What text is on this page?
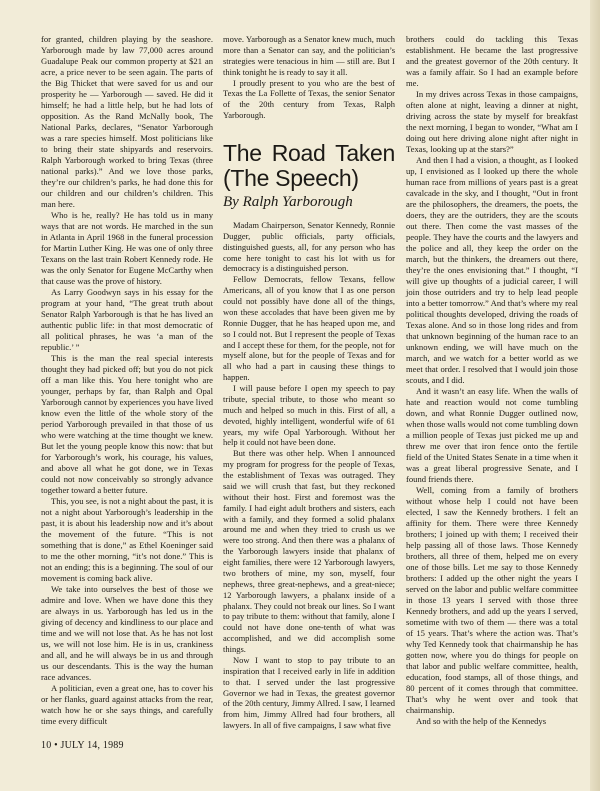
for granted, children playing by the seashore. Yarborough made by law 77,000 acres around Guadalupe Peak our common property at $21 an acre, a price never to be seen again. The parts of the Big Thicket that were saved for us and our prosperity he — Yarborough — saved. He did it himself; he had a little help, but he had lots of opposition. As the Rand McNally book, The National Parks, declares, “Senator Yarborough was a rare species himself. Most politicians like to bring their state shipyards and reservoirs. Ralph Yarborough worked to bring Texas (three national parks).” And we love those parks, they’re our children’s parks, he had done this for our children and our children’s children. This man here.

Who is he, really? He has told us in many ways that are not words. He marched in the sun in Atlanta in April 1968 in the funeral procession for Martin Luther King. He was one of only three Texans on the last train Robert Kennedy rode. He was the only Senator for Eugene McCarthy when that cause was the prove of history.

As Larry Goodwyn says in his essay for the program at your hand, “The great truth about Senator Ralph Yarborough is that he has lived an authentic public life: in that most democratic of all political phrases, he was ‘a man of the republic.’ ”

This is the man the real special interests thought they had picked off; but you do not pick off a man like this. You here tonight who are younger, perhaps by far, than Ralph and Opal Yarborough cannot by experiences you have lived know even the little of the whole story of the period Yarborough prevailed in that those of us who were watching at the time thought we knew. But let the young people know this now: that but for Yarborough’s work, his courage, his values, and above all what he got done, we in Texas could not now conceivably so strongly advance together toward a better future.

This, you see, is not a night about the past, it is not a night about Yarborough’s leadership in the past, it is about his leadership now and it’s about the movement of the future. “This is not something that is done,” as Ethel Koeninger said to me the other morning, “it’s not done.” This is not an ending; this is a beginning. The soul of our movement is coming back alive.

We take into ourselves the best of those we admire and love. When we have done this they are always in us. Yarborough has led us in the giving of decency and kindliness to our place and time and we will not lose that. As he has not lost us, we will not lose him. He is in us, crankiness and all, and he will always be in us and through us our descendants. This is the way the human race advances.

A politician, even a great one, has to cover his or her flanks, guard against attacks from the rear, watch how he or she says things, and carefully time every difficult

move. Yarborough as a Senator knew much, much more than a Senator can say, and the politician’s strategies were tenacious in him — still are. But I think tonight he is ready to say it all.

I proudly present to you who are the best of Texas the La Follette of Texas, the senior Senator of the 20th century from Texas, Ralph Yarborough.

The Road Taken (The Speech)
By Ralph Yarborough

Madam Chairperson, Senator Kennedy, Ronnie Dugger, public officials, party officials, distinguished guests, all, for any person who has come here tonight to cast his lot with us for democracy is a distinguished person.

Fellow Democrats, fellow Texans, fellow Americans, all of you know that I as one person could not possibly have done all of the things, won these accolades that have been given me by Ronnie Dugger, that he has heaped upon me, and so I could not. But I represent the people of Texas and I accept these for them, for the people, not for myself alone, but for the people of Texas and for all who had a part in causing these things to happen.

I will pause before I open my speech to pay tribute, special tribute, to those who meant so much and helped so much in this. First of all, a devoted, highly intelligent, wonderful wife of 61 years, my wife Opal Yarborough. Without her help it could not have been done.

But there was other help. When I announced my program for progress for the people of Texas, the establishment of Texas was outraged. They said we will crush that fast, but they reckoned without their host. First and foremost was the family. I had eight adult brothers and sisters, each with a family, and they formed a solid phalanx around me and when they tried to crush us we were too strong. And then there was a phalanx of the Yarborough lawyers inside that phalanx of eight families, there were 12 Yarborough lawyers, two brothers of mine, my son, myself, four nephews, three great-nephews, and a great-niece; 12 Yarborough lawyers, a phalanx inside of a phalanx. They could not break our lines. So I want to pay tribute to them: without that family, alone I could not have done one-tenth of what was accomplished, and we did accomplish some things.

Now I want to stop to pay tribute to an inspiration that I received early in life in addition to that. I served under the last progressive Governor we had in Texas, the greatest governor of the 20th century, Jimmy Allred. I saw, I learned from him, Jimmy Allred had four brothers, all lawyers. In all of five campaigns, I saw what five

brothers could do tackling this Texas establishment. He became the last progressive and the greatest governor of the 20th century. It was a family affair. So I had an example before me.

In my drives across Texas in those campaigns, often alone at night, leaving a dinner at night, driving across the state by myself for breakfast the next morning, I began to wonder, “What am I doing out here driving alone night after night in Texas, looking up at the stars?”

And then I had a vision, a thought, as I looked up, I envisioned as I looked up there the whole human race from millions of years past is a great cavalcade in the sky, and I thought, “Out in front are the philosophers, the dreamers, the poets, the doers, they are the outriders, they are the scouts out there. Then come the vast masses of the people. They have the courts and the lawyers and the police and all, they keep the order on the march, but the thinkers, the dreamers out there, they’re the ones envisioning that.” I thought, “I will give up thoughts of a judicial career, I will join those outriders and try to help lead people into a better tomorrow.” And that’s where my real political thoughts developed, driving the roads of Texas alone. And so in those long rides and from that unknown beginning of the human race to an unknown ending, we will have much on the march, and we watch for a better world as we meet that order. I resolved that I would join those scouts, and I did.

And it wasn’t an easy life. When the walls of hate and reaction would not come tumbling down, and what Ronnie Dugger outlined now, when those walls would not come tumbling down a million people of Texas just picked me up and threw me over that iron fence onto the fertile field of the United States Senate in a time when it was a great liberal progressive Senate, and I found friends there.

Well, coming from a family of brothers without whose help I could not have been elected, I saw the Kennedy brothers. I felt an affinity for them. There were three Kennedy brothers; I joined up with them; I received their help passing all of those laws. Those Kennedy brothers, all three of them, helped me on every one of those bills. Let me say to those Kennedy brothers: I added up the other night the years I served on the labor and public welfare committee in those 13 years I served with those three Kennedy brothers, and add up the years I served, sometime with two of them — there was a total of 15 years. That’s where the action was. That’s why Ted Kennedy took that chairmanship he has gotten now, where you do things for people on that labor and public welfare committee, health, education, food stamps, all of those things, and 80 percent of it comes through that committee. That’s why he went over and took that chairmanship.

And so with the help of the Kennedys

10 • JULY 14, 1989
